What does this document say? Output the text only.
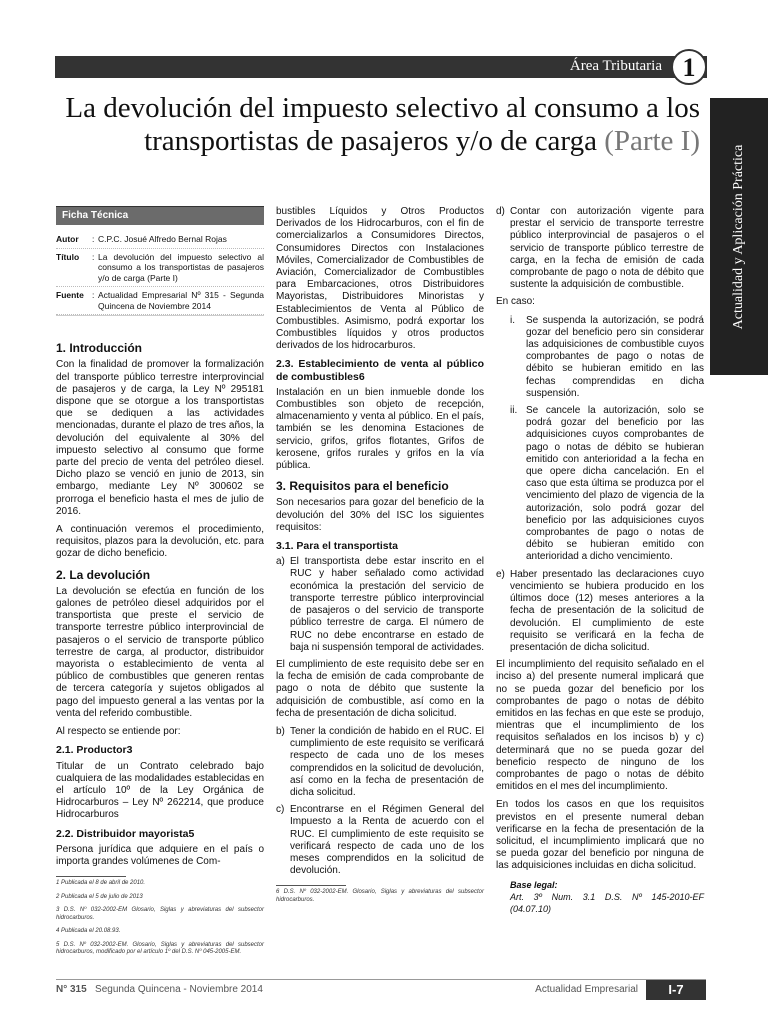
Área Tributaria 1
Actualidad y Aplicación Práctica
La devolución del impuesto selectivo al consumo a los transportistas de pasajeros y/o de carga (Parte I)
Ficha Técnica
Autor	: C.P.C. Josué Alfredo Bernal Rojas
Título	: La devolución del impuesto selectivo al consumo a los transportistas de pasajeros y/o de carga (Parte I)
Fuente : Actualidad Empresarial Nº 315 - Segunda Quincena de Noviembre 2014
1. Introducción

Con la finalidad de promover la formalización del transporte público terrestre interprovincial de pasajeros y de carga, la Ley Nº 295181 dispone que se otorgue a los transportistas que se dediquen a las actividades mencionadas, durante el plazo de tres años, la devolución del equivalente al 30% del impuesto selectivo al consumo que forme parte del precio de venta del petróleo diesel. Dicho plazo se venció en junio de 2013, sin embargo, mediante Ley Nº 300602 se prorroga el beneficio hasta el mes de julio de 2016.

A continuación veremos el procedimiento, requisitos, plazos para la devolución, etc. para gozar de dicho beneficio.

2. La devolución

La devolución se efectúa en función de los galones de petróleo diesel adquiridos por el transportista que preste el servicio de transporte terrestre público interprovincial de pasajeros o el servicio de transporte público terrestre de carga, al productor, distribuidor mayorista o establecimiento de venta al público de combustibles que generen rentas de tercera categoría y sujetos obligados al pago del impuesto general a las ventas por la venta del referido combustible.

Al respecto se entiende por:

2.1. Productor3

Titular de un Contrato celebrado bajo cualquiera de las modalidades establecidas en el artículo 10º de la Ley Orgánica de Hidrocarburos – Ley Nº 262214, que produce Hidrocarburos

2.2. Distribuidor mayorista5

Persona jurídica que adquiere en el país o importa grandes volúmenes de Com-

1 Publicada el 8 de abril de 2010.

2 Publicada el 5 de julio de 2013

3 D.S. Nº 032-2002-EM Glosario, Siglas y abreviaturas del subsector hidrocarburos.

4 Publicada el 20.08.93.

5 D.S. Nº 032-2002-EM. Glosario, Siglas y abreviaturas del subsector hidrocarburos, modificado por el artículo 1º del D.S. Nº 045-2005-EM.

bustibles Líquidos y Otros Productos Derivados de los Hidrocarburos, con el fin de comercializarlos a Consumidores Directos, Consumidores Directos con Instalaciones Móviles, Comercializador de Combustibles de Aviación, Comercializador de Combustibles para Embarcaciones, otros Distribuidores Mayoristas, Distribuidores Minoristas y Establecimientos de Venta al Público de Combustibles. Asimismo, podrá exportar los Combustibles líquidos y otros productos derivados de los hidrocarburos.

2.3. Establecimiento de venta al público de combustibles6

Instalación en un bien inmueble donde los Combustibles son objeto de recepción, almacenamiento y venta al público. En el país, también se les denomina Estaciones de servicio, grifos, grifos flotantes, Grifos de kerosene, grifos rurales y grifos en la vía pública.

3. Requisitos para el beneficio

Son necesarios para gozar del beneficio de la devolución del 30% del ISC los siguientes requisitos:

3.1. Para el transportista
a) El transportista debe estar inscrito en el RUC y haber señalado como actividad económica la prestación del servicio de transporte terrestre público interprovincial de pasajeros o del servicio de transporte público terrestre de carga. El número de RUC no debe encontrarse en estado de baja ni suspensión temporal de actividades.

El cumplimiento de este requisito debe ser en la fecha de emisión de cada comprobante de pago o nota de débito que sustente la adquisición de combustible, así como en la fecha de presentación de dicha solicitud.

b) Tener la condición de habido en el RUC. El cumplimiento de este requisito se verificará respecto de cada uno de los meses comprendidos en la solicitud de devolución, así como en la fecha de presentación de dicha solicitud.
c) Encontrarse en el Régimen General del Impuesto a la Renta de acuerdo con el RUC. El cumplimiento de este requisito se verificará respecto de cada uno de los meses comprendidos en la solicitud de devolución.

6 D.S. Nº 032-2002-EM. Glosario, Siglas y abreviaturas del subsector hidrocarburos.

d) Contar con autorización vigente para prestar el servicio de transporte terrestre público interprovincial de pasajeros o el servicio de transporte público terrestre de carga, en la fecha de emisión de cada comprobante de pago o nota de débito que sustente la adquisición de combustible.

En caso:

i.	Se suspenda la autorización, se podrá gozar del beneficio pero sin considerar las adquisiciones de combustible cuyos comprobantes de pago o notas de débito se hubieran emitido en las fechas comprendidas en dicha suspensión.
ii. Se cancele la autorización, solo se podrá gozar del beneficio por las adquisiciones cuyos comprobantes de pago o notas de débito se hubieran emitido con anterioridad a la fecha en que opere dicha cancelación. En el caso que esta última se produzca por el vencimiento del plazo de vigencia de la autorización, solo podrá gozar del beneficio por las adquisiciones cuyos comprobantes de pago o notas de débito se hubieran emitido con anterioridad a dicho vencimiento.
e) Haber presentado las declaraciones cuyo vencimiento se hubiera producido en los últimos doce (12) meses anteriores a la fecha de presentación de la solicitud de devolución. El cumplimiento de este requisito se verificará en la fecha de presentación de dicha solicitud.

El incumplimiento del requisito señalado en el inciso a) del presente numeral implicará que no se pueda gozar del beneficio por los comprobantes de pago o notas de débito emitidos en las fechas en que este se produjo, mientras que el incumplimiento de los requisitos señalados en los incisos b) y c) determinará que no se pueda gozar del beneficio respecto de ninguno de los comprobantes de pago o notas de débito emitidos en el mes del incumplimiento.

En todos los casos en que los requisitos previstos en el presente numeral deban verificarse en la fecha de presentación de la solicitud, el incumplimiento implicará que no se pueda gozar del beneficio por ninguna de las adquisiciones incluidas en dicha solicitud.

Base legal:
Art. 3º Num. 3.1 D.S. Nº 145-2010-EF (04.07.10)
N° 315 Segunda Quincena - Noviembre 2014	Actualidad Empresarial	I-7
